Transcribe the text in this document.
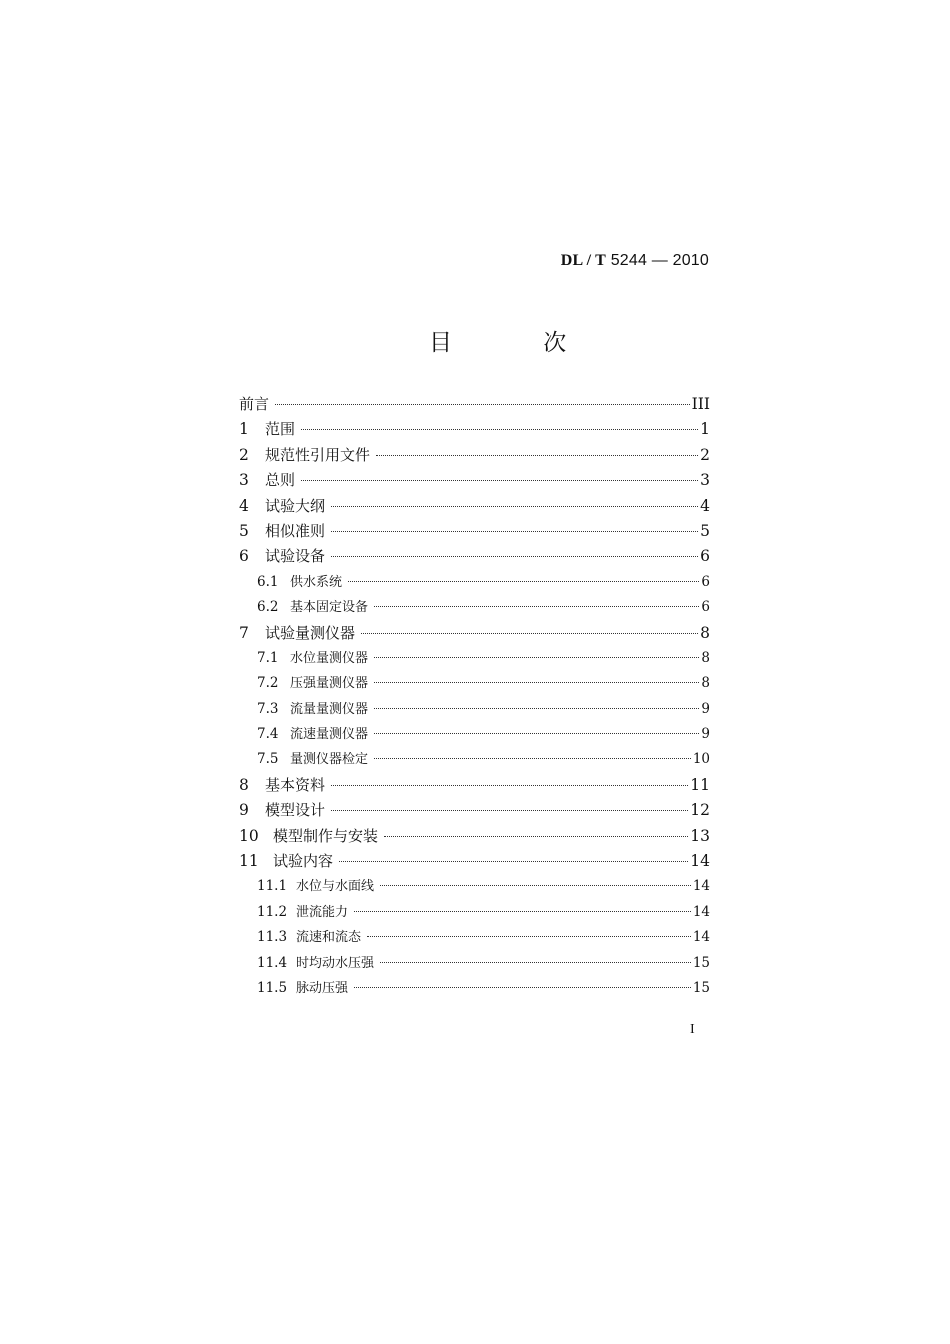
DL / T 5244 — 2010
目 次
前言	III
1	范围	1
2	规范性引用文件	2
3	总则	3
4	试验大纲	4
5	相似准则	5
6	试验设备	6
6.1 供水系统	6
6.2 基本固定设备	6
7	试验量测仪器	8
7.1 水位量测仪器	8
7.2 压强量测仪器	8
7.3 流量量测仪器	9
7.4 流速量测仪器	9
7.5 量测仪器检定	10
8	基本资料	11
9	模型设计	12
10 模型制作与安装	13
11 试验内容	14
11.1 水位与水面线	14
11.2 泄流能力	14
11.3 流速和流态	14
11.4 时均动水压强	15
11.5 脉动压强	15
I
